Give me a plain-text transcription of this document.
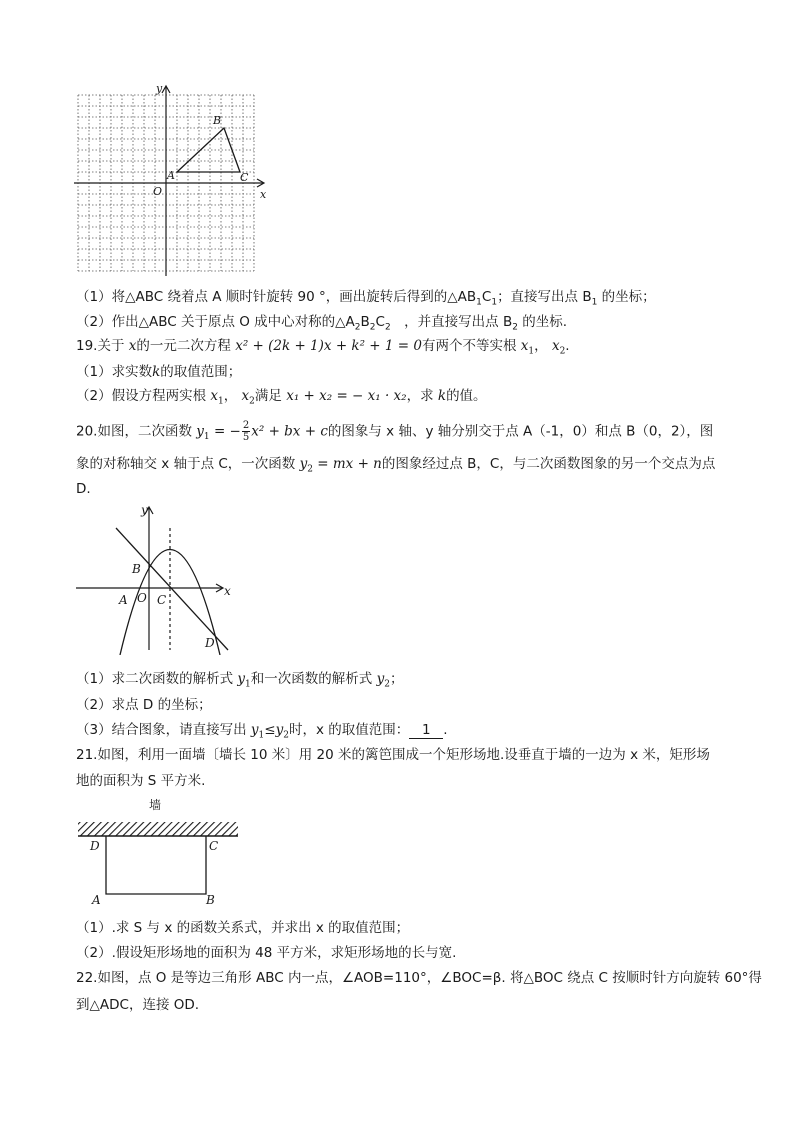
y
x
O
A
B
C
（1）将△ABC 绕着点 A 顺时针旋转 90 °，画出旋转后得到的$\triangle AB_1C_1$；直接写出点 $B_1$ 的坐标；
（2）作出△ABC 关于原点 O 成中心对称的$\triangle A_2B_2C_2$　，并直接写出点 $B_2$ 的坐标.
19.关于 x的一元二次方程 x² + (2k + 1)x + k² + 1 = 0有两个不等实根 $x_1$， $x_2$.
（1）求实数k的取值范围；
（2）假设方程两实根 $x_1$， $x_2$满足 x₁ + x₂ = − x₁ · x₂，求 k的值。
20.如图，二次函数 $y_1$ = − $\frac{2}{5} x^2$ + bx + c的图象与 x 轴、y 轴分别交于点 A（-1，0）和点 B（0，2），图
象的对称轴交 x 轴于点 C，一次函数 $y_2$ = mx + n的图象经过点 B，C，与二次函数图象的另一个交点为点
D.
y
x
B
A O C
D
（1）求二次函数的解析式 $y_1$和一次函数的解析式 $y_2$；
（2）求点 D 的坐标；
（3）结合图象，请直接写出 $y_1\le y_2$时，x 的取值范围： 1 .
21.如图，利用一面墙〔墙长 10 米〕用 20 米的篱笆围成一个矩形场地.设垂直于墙的一边为 x 米，矩形场
地的面积为 S 平方米.
墙
D	C
A	B
（1）.求 S 与 x 的函数关系式，并求出 x 的取值范围；
（2）.假设矩形场地的面积为 48 平方米，求矩形场地的长与宽.
22.如图，点 O 是等边三角形 ABC 内一点，∠AOB=110°，∠BOC=β. 将△BOC 绕点 C 按顺时针方向旋转 60°得
到△ADC，连接 OD.
